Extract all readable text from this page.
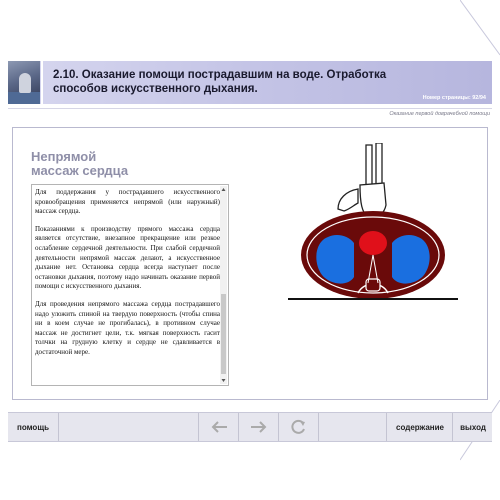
2.10. Оказание помощи пострадавшим на воде. Отработка способов искусственного дыхания.
Номер страницы: 92/94
Оказание первой доврачебной помощи
Непрямой
массаж сердца

Для поддержания у пострадавшего искусственного кровообращения применяется непрямой (или наружный) массаж сердца.

Показаниями к производству прямого массажа сердца является отсутствие, внезапное прекращение или резкое ослабление сердечной деятельности. При слабой сердечной деятельности непрямой массаж делают, а искусственное дыхание нет. Остановка сердца всегда наступает после остановки дыхания, поэтому надо начинать оказание первой помощи с искусственного дыхания.

Для проведения непрямого массажа сердца пострадавшего надо уложить спиной на твердую поверхность (чтобы спина ни в коем случае не прогибалась), в противном случае массаж не достигнет цели, т.к. мягкая поверхность гасит толчки на грудную клетку и сердце не сдавливается в достаточной мере.

помощь	содержание	выход
